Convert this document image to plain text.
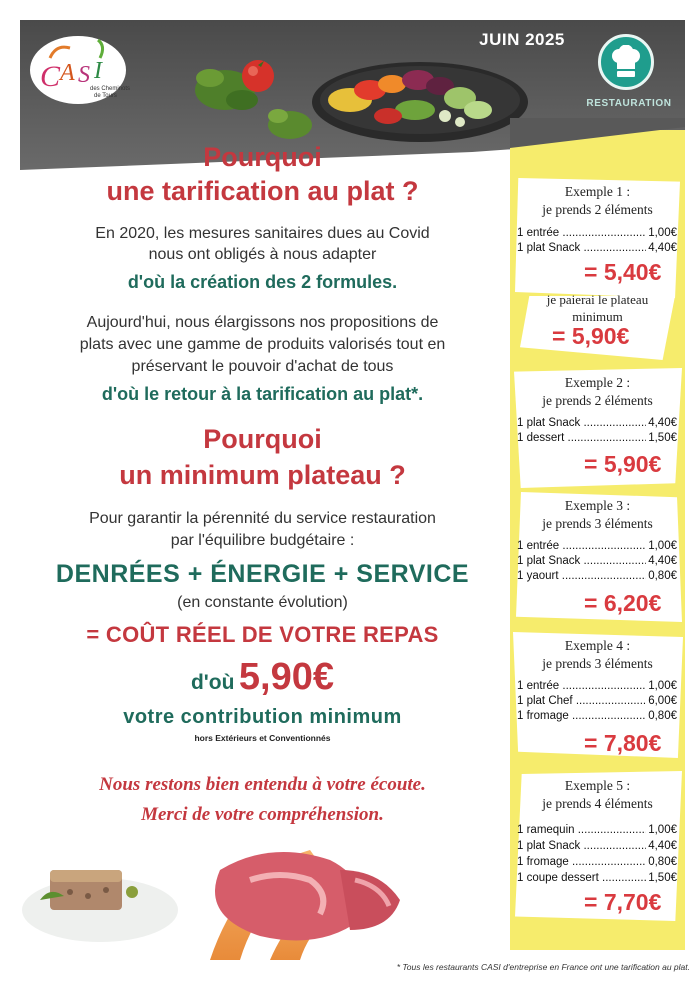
C A S I
des Cheminots
de Tours
JUIN 2025
RESTAURATION
Exemple 1 :
je prends 2 éléments
1 entrée .....	1,00€
1 plat Snack .....	4,40€
= 5,40€
je paierai le plateau
minimum
= 5,90€
Exemple 2 :
je prends 2 éléments
1 plat Snack .....	4,40€
1 dessert .....	1,50€
= 5,90€
Exemple 3 :
je prends 3 éléments
1 entrée .....	1,00€
1 plat Snack .....	4,40€
1 yaourt .....	0,80€
= 6,20€
Exemple 4 :
je prends 3 éléments
1 entrée .....	1,00€
1 plat Chef .....	6,00€
1 fromage .....	0,80€
= 7,80€
Exemple 5 :
je prends 4 éléments
1 ramequin .....	1,00€
1 plat Snack .....	4,40€
1 fromage .....	0,80€
1 coupe dessert .....	1,50€
= 7,70€
Pourquoi
une tarification au plat ?
En 2020, les mesures sanitaires dues au Covid
nous ont obligés à nous adapter
d'où la création des 2 formules.
Aujourd'hui, nous élargissons nos propositions de
plats avec une gamme de produits valorisés tout en
préservant le pouvoir d'achat de tous
d'où le retour à la tarification au plat*.
Pourquoi
un minimum plateau ?
Pour garantir la pérennité du service restauration
par l'équilibre budgétaire :
DENRÉES + ÉNERGIE + SERVICE
(en constante évolution)
= COÛT RÉEL DE VOTRE REPAS
d'où 5,90€
votre contribution minimum
hors Extérieurs et Conventionnés
Nous restons bien entendu à votre écoute.
Merci de votre compréhension.
* Tous les restaurants CASI d'entreprise en France ont une tarification au plat.
